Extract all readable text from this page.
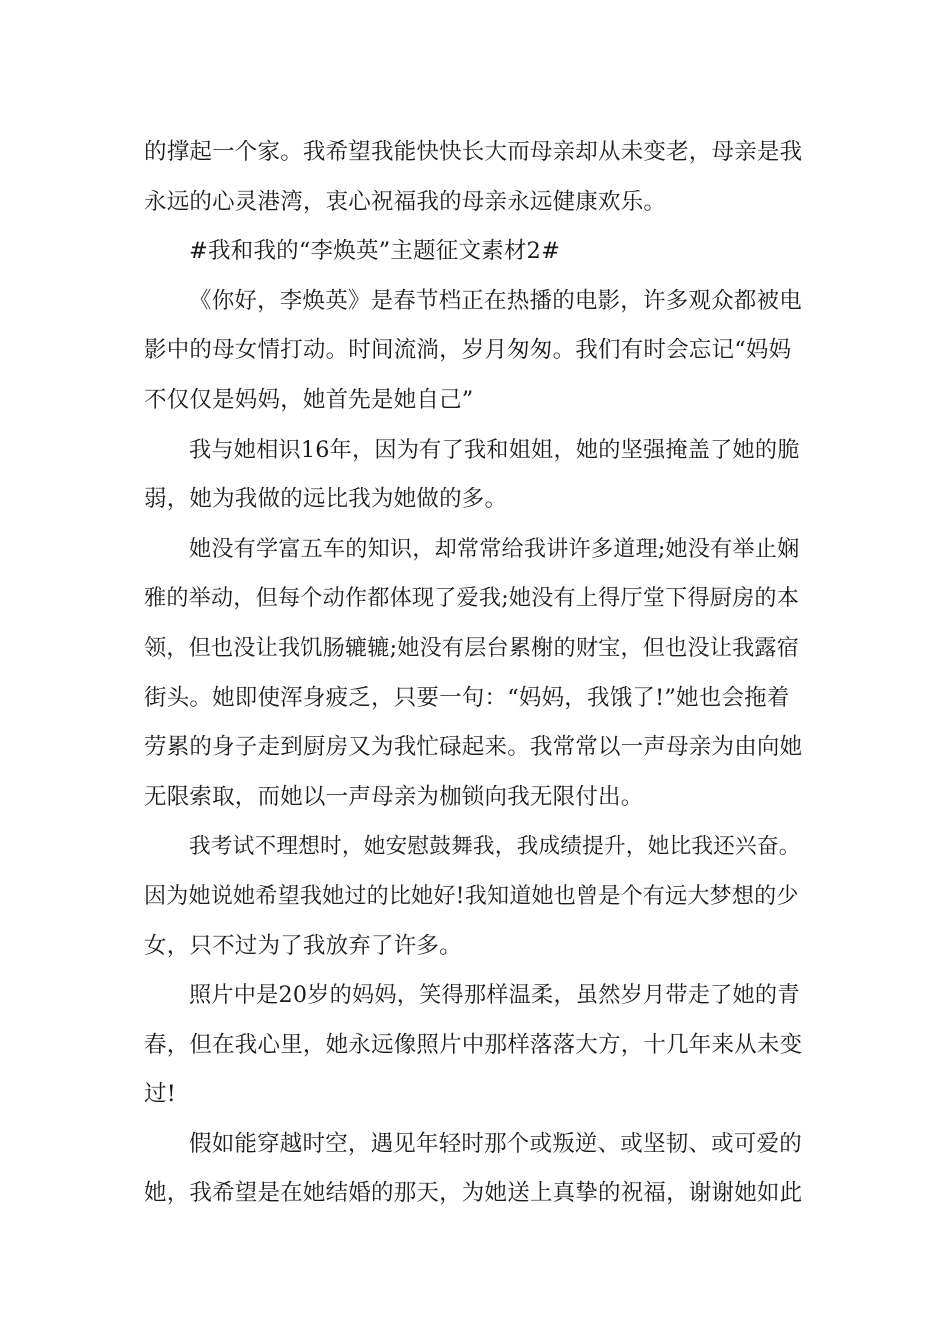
的撑起一个家。我希望我能快快长大而母亲却从未变老，母亲是我
永远的心灵港湾，衷心祝福我的母亲永远健康欢乐。
#我和我的“李焕英”主题征文素材2#
《你好，李焕英》是春节档正在热播的电影，许多观众都被电
影中的母女情打动。时间流淌，岁月匆匆。我们有时会忘记“妈妈
不仅仅是妈妈，她首先是她自己”
我与她相识16年，因为有了我和姐姐，她的坚强掩盖了她的脆
弱，她为我做的远比我为她做的多。
她没有学富五车的知识，却常常给我讲许多道理;她没有举止娴
雅的举动，但每个动作都体现了爱我;她没有上得厅堂下得厨房的本
领，但也没让我饥肠辘辘;她没有层台累榭的财宝，但也没让我露宿
街头。她即使浑身疲乏，只要一句：“妈妈，我饿了!”她也会拖着
劳累的身子走到厨房又为我忙碌起来。我常常以一声母亲为由向她
无限索取，而她以一声母亲为枷锁向我无限付出。
我考试不理想时，她安慰鼓舞我，我成绩提升，她比我还兴奋。
因为她说她希望我她过的比她好!我知道她也曾是个有远大梦想的少
女，只不过为了我放弃了许多。
照片中是20岁的妈妈，笑得那样温柔，虽然岁月带走了她的青
春，但在我心里，她永远像照片中那样落落大方，十几年来从未变
过!
假如能穿越时空，遇见年轻时那个或叛逆、或坚韧、或可爱的
她，我希望是在她结婚的那天，为她送上真挚的祝福，谢谢她如此
